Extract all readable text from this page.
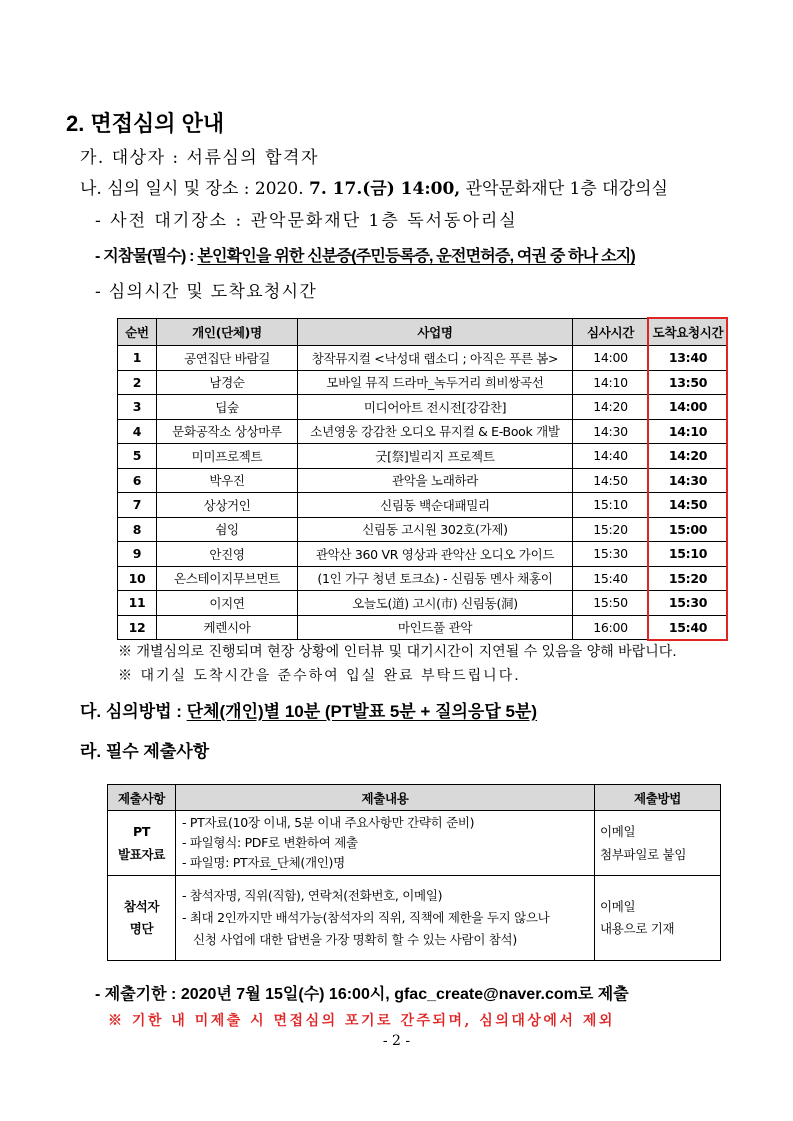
2. 면접심의 안내
가. 대상자 : 서류심의 합격자
나. 심의 일시 및 장소 : 2020. 7. 17.(금) 14:00, 관악문화재단 1층 대강의실
- 사전 대기장소 : 관악문화재단 1층 독서동아리실
- 지참물(필수) : 본인확인을 위한 신분증(주민등록증, 운전면허증, 여권 중 하나 소지)
- 심의시간 및 도착요청시간
순번	개인(단체)명	사업명	심사시간	도착요청시간
1	공연집단 바람길	창작뮤지컬 <낙성대 랩소디 ; 아직은 푸른 봄>	14:00	13:40
2	남경순	모바일 뮤직 드라마_녹두거리 희비쌍곡선	14:10	13:50
3	딥숲	미디어아트 전시전[강감찬]	14:20	14:00
4	문화공작소 상상마루	소년영웅 강감찬 오디오 뮤지컬 & E-Book 개발	14:30	14:10
5	미미프로젝트	굿[祭]빌리지 프로젝트	14:40	14:20
6	박우진	관악을 노래하라	14:50	14:30
7	상상거인	신림동 백순대패밀리	15:10	14:50
8	쉼잉	신림동 고시원 302호(가제)	15:20	15:00
9	안진영	관악산 360 VR 영상과 관악산 오디오 가이드	15:30	15:10
10	온스테이지무브먼트	(1인 가구 청년 토크쇼) - 신림동 멘사 채홍이	15:40	15:20
11	이지연	오늘도(道) 고시(市) 신림동(洞)	15:50	15:30
12	케렌시아	마인드풀 관악	16:00	15:40
※ 개별심의로 진행되며 현장 상황에 인터뷰 및 대기시간이 지연될 수 있음을 양해 바랍니다.
※ 대기실 도착시간을 준수하여 입실 완료 부탁드립니다.
다. 심의방법 : 단체(개인)별 10분 (PT발표 5분 + 질의응답 5분)
라. 필수 제출사항
제출사항	제출내용	제출방법

PT
발표자료	- PT자료(10장 이내, 5분 이내 주요사항만 간략히 준비)
- 파일형식: PDF로 변환하여 제출
- 파일명: PT자료_단체(개인)명	이메일
첨부파일로 붙임

참석자
명단	- 참석자명, 직위(직함), 연락처(전화번호, 이메일)
- 최대 2인까지만 배석가능(참석자의 직위, 직책에 제한을 두지 않으나
신청 사업에 대한 답변을 가장 명확히 할 수 있는 사람이 참석)	이메일
내용으로 기재
- 제출기한 : 2020년 7월 15일(수) 16:00시, gfac_create@naver.com로 제출
※ 기한 내 미제출 시 면접심의 포기로 간주되며, 심의대상에서 제외
- 2 -
